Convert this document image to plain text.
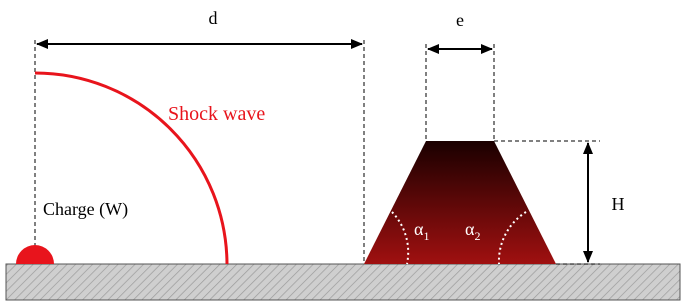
d	e
H
Shock wave
Charge (W)
$\alpha_1$ $\alpha_2$
